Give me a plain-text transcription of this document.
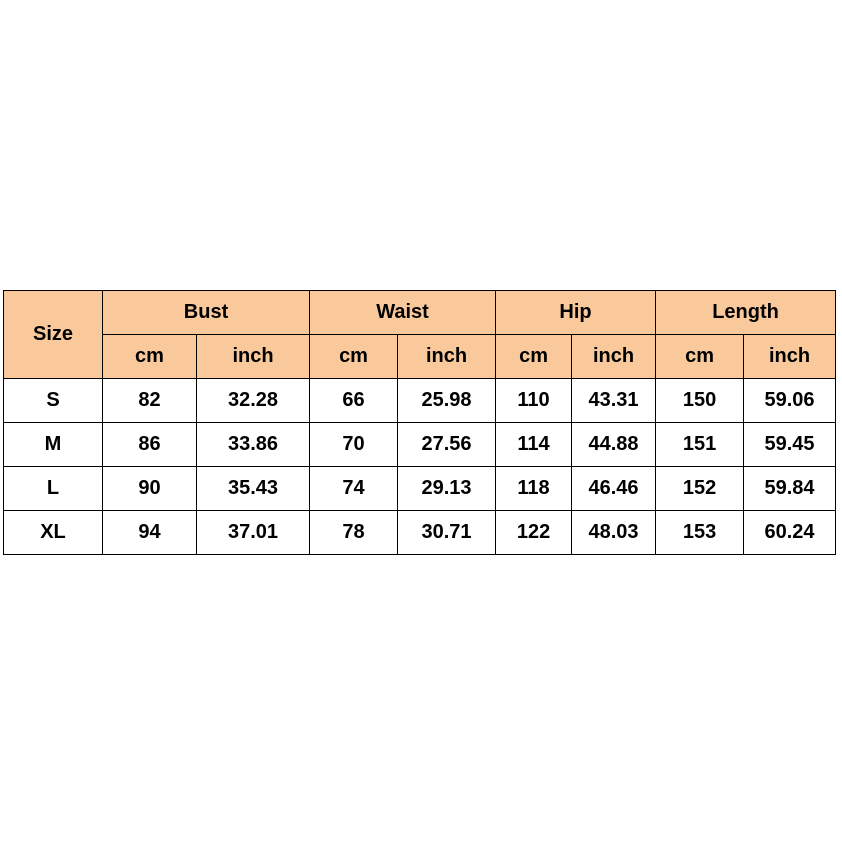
Size	Bust		Waist		Hip		Length	
	cm	inch	cm	inch	cm	inch	cm	inch
S	82	32.28	66	25.98	110	43.31	150	59.06
M	86	33.86	70	27.56	114	44.88	151	59.45
L	90	35.43	74	29.13	118	46.46	152	59.84
XL	94	37.01	78	30.71	122	48.03	153	60.24
